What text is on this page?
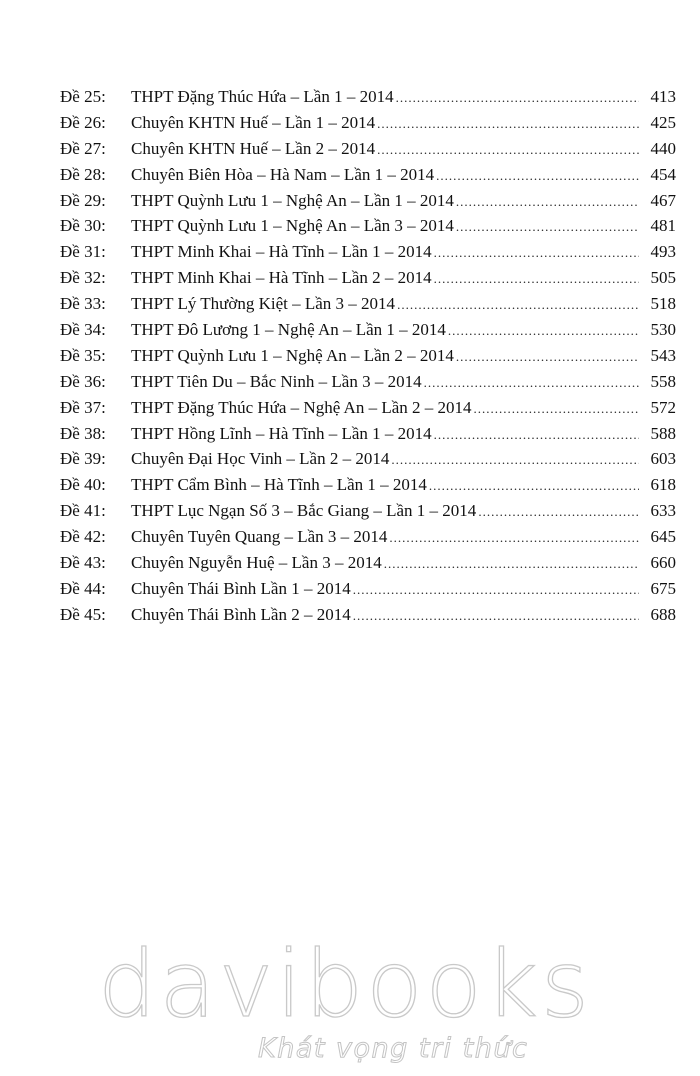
Đề 25:	THPT Đặng Thúc Hứa – Lần 1 – 2014 .....	413
Đề 26:	Chuyên KHTN Huế – Lần 1 – 2014 .....	425
Đề 27:	Chuyên KHTN Huế – Lần 2 – 2014 .....	440
Đề 28:	Chuyên Biên Hòa – Hà Nam – Lần 1 – 2014 .....	454
Đề 29:	THPT Quỳnh Lưu 1 – Nghệ An – Lần 1 – 2014 .....	467
Đề 30:	THPT Quỳnh Lưu 1 – Nghệ An – Lần 3 – 2014 .....	481
Đề 31:	THPT Minh Khai – Hà Tĩnh – Lần 1 – 2014 .....	493
Đề 32:	THPT Minh Khai – Hà Tĩnh – Lần 2 – 2014 .....	505
Đề 33:	THPT Lý Thường Kiệt – Lần 3 – 2014 .....	518
Đề 34:	THPT Đô Lương 1 – Nghệ An – Lần 1 – 2014 .....	530
Đề 35:	THPT Quỳnh Lưu 1 – Nghệ An – Lần 2 – 2014 .....	543
Đề 36:	THPT Tiên Du – Bắc Ninh – Lần 3 – 2014 .....	558
Đề 37:	THPT Đặng Thúc Hứa – Nghệ An – Lần 2 – 2014 .....	572
Đề 38:	THPT Hồng Lĩnh – Hà Tĩnh – Lần 1 – 2014 .....	588
Đề 39:	Chuyên Đại Học Vinh – Lần 2 – 2014 .....	603
Đề 40:	THPT Cẩm Bình – Hà Tĩnh – Lần 1 – 2014 .....	618
Đề 41:	THPT Lục Ngạn Số 3 – Bắc Giang – Lần 1 – 2014 .....	633
Đề 42:	Chuyên Tuyên Quang – Lần 3 – 2014 .....	645
Đề 43:	Chuyên Nguyễn Huệ – Lần 3 – 2014 .....	660
Đề 44:	Chuyên Thái Bình Lần 1 – 2014 .....	675
Đề 45:	Chuyên Thái Bình Lần 2 – 2014 .....	688
davibooks
Khát vọng tri thức
